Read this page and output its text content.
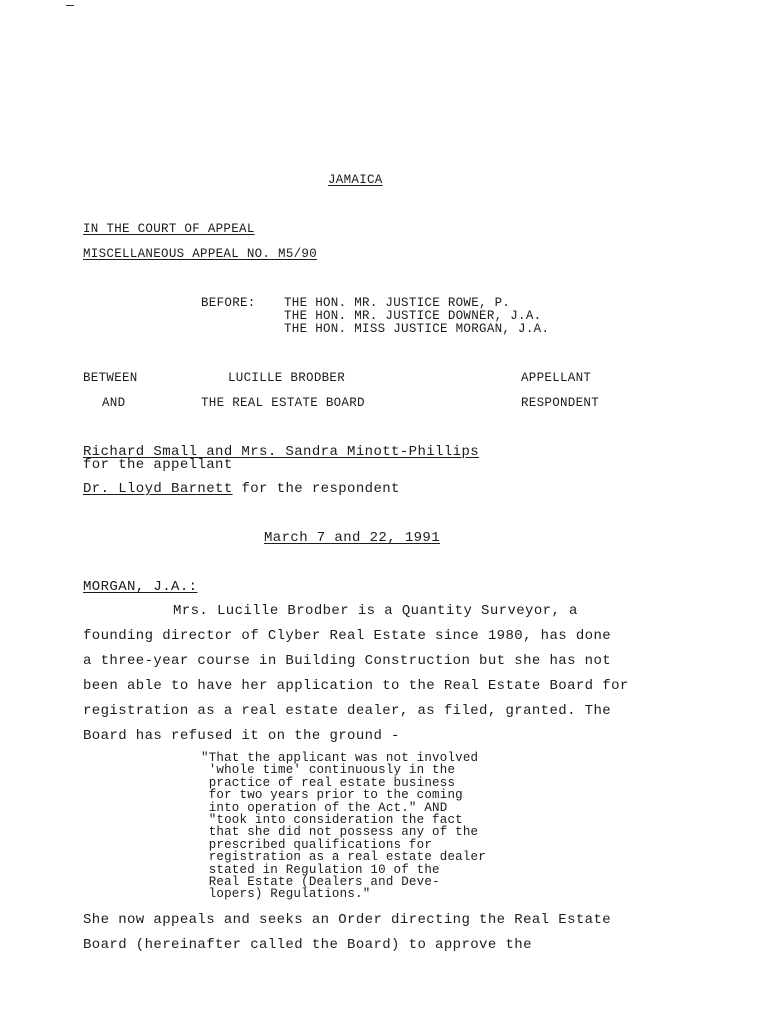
JAMAICA
IN THE COURT OF APPEAL
MISCELLANEOUS APPEAL NO. M5/90
BEFORE: THE HON. MR. JUSTICE ROWE, P.
THE HON. MR. JUSTICE DOWNER, J.A.
THE HON. MISS JUSTICE MORGAN, J.A.
BETWEEN	LUCILLE BRODBER	APPELLANT
AND	THE REAL ESTATE BOARD	RESPONDENT
Richard Small and Mrs. Sandra Minott-Phillips
for the appellant
Dr. Lloyd Barnett for the respondent
March 7 and 22, 1991
MORGAN, J.A.:
Mrs. Lucille Brodber is a Quantity Surveyor, a
founding director of Clyber Real Estate since 1980, has done
a three-year course in Building Construction but she has not
been able to have her application to the Real Estate Board for
registration as a real estate dealer, as filed, granted. The
Board has refused it on the ground -
"That the applicant was not involved
'whole time' continuously in the
practice of real estate business
for two years prior to the coming
into operation of the Act." AND
"took into consideration the fact
that she did not possess any of the
prescribed qualifications for
registration as a real estate dealer
stated in Regulation 10 of the
Real Estate (Dealers and Deve-
lopers) Regulations."
She now appeals and seeks an Order directing the Real Estate
Board (hereinafter called the Board) to approve the
